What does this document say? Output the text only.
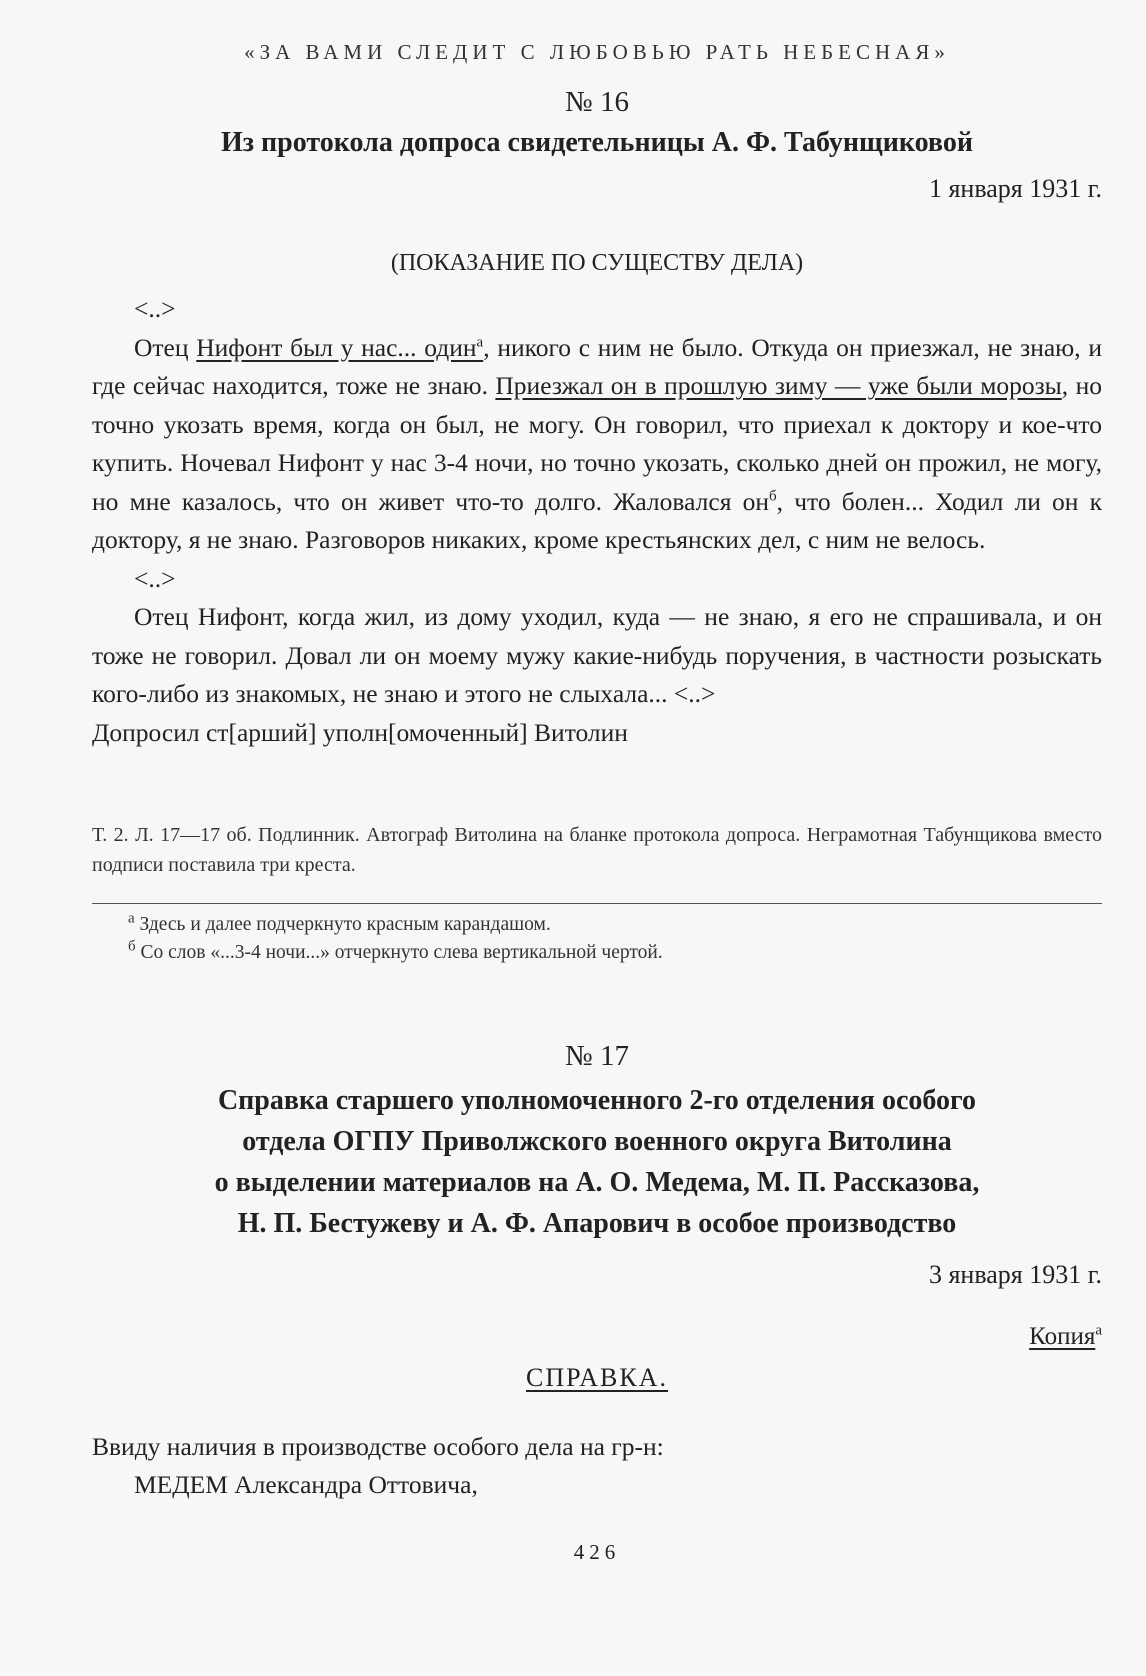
«ЗА ВАМИ СЛЕДИТ С ЛЮБОВЬЮ РАТЬ НЕБЕСНАЯ»
№ 16
Из протокола допроса свидетельницы А. Ф. Табунщиковой
1 января 1931 г.
(ПОКАЗАНИЕ ПО СУЩЕСТВУ ДЕЛА)

<..>

Отец Нифонт был у нас... один$^а$, никого с ним не было. Откуда он приезжал, не знаю, и где сейчас находится, тоже не знаю. Приезжал он в прошлую зиму — уже были морозы, но точно укозать время, когда он был, не могу. Он говорил, что приехал к доктору и кое-что купить. Ночевал Нифонт у нас 3-4 ночи, но точно укозать, сколько дней он прожил, не могу, но мне казалось, что он живет что-то долго. Жаловался $он^б$, что болен... Ходил ли он к доктору, я не знаю. Разговоров никаких, кроме крестьянских дел, с ним не велось.

<..>

Отец Нифонт, когда жил, из дому уходил, куда — не знаю, я его не спрашивала, и он тоже не говорил. Довал ли он моему мужу какие-нибудь поручения, в частности розыскать кого-либо из знакомых, не знаю и этого не слыхала... <..>

Допросил ст[арший] уполн[омоченный] Витолин

Т. 2. Л. 17—17 об. Подлинник. Автограф Витолина на бланке протокола допроса. Неграмотная Табунщикова вместо подписи поставила три креста.
$^а$ Здесь и далее подчеркнуто красным карандашом.
$^б$ Со слов «...3-4 ночи...» отчеркнуто слева вертикальной чертой.
№ 17
Справка старшего уполномоченного 2-го отделения особого
отдела ОГПУ Приволжского военного округа Витолина
о выделении материалов на А. О. Медема, М. П. Рассказова,
Н. П. Бестужеву и А. Ф. Апарович в особое производство
3 января 1931 г.
Копия$^а$
СПРАВКА.
Ввиду наличия в производстве особого дела на гр-н:
МЕДЕМ Александра Оттовича,
426
